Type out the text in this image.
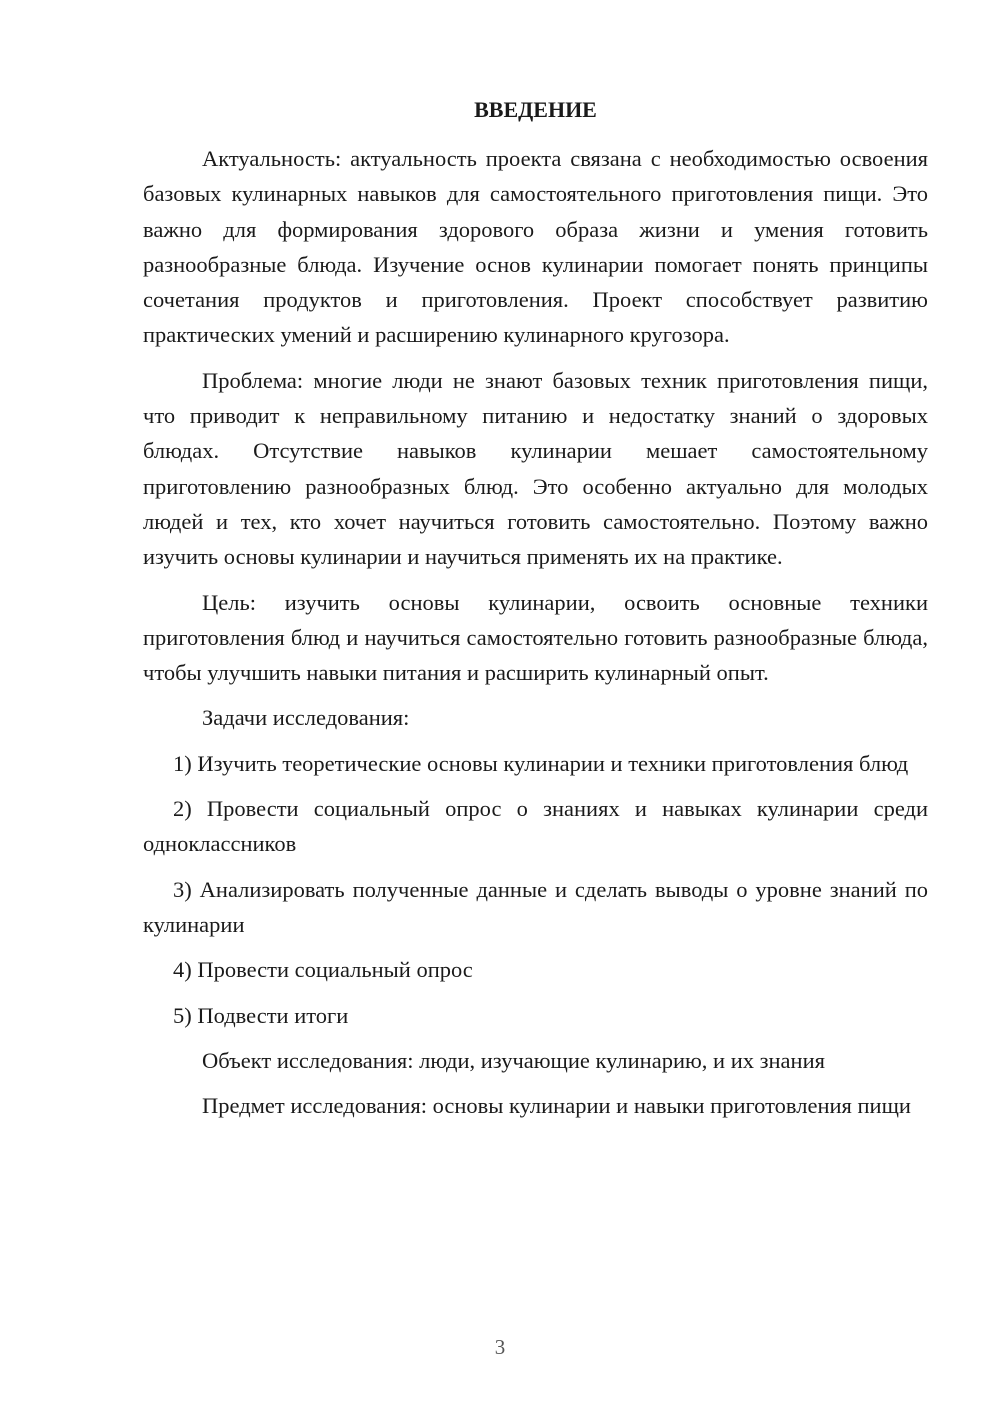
ВВЕДЕНИЕ

Актуальность: актуальность проекта связана с необходимостью освоения базовых кулинарных навыков для самостоятельного приготовления пищи. Это важно для формирования здорового образа жизни и умения готовить разнообразные блюда. Изучение основ кулинарии помогает понять принципы сочетания продуктов и приготовления. Проект способствует развитию практических умений и расширению кулинарного кругозора.

Проблема: многие люди не знают базовых техник приготовления пищи, что приводит к неправильному питанию и недостатку знаний о здоровых блюдах. Отсутствие навыков кулинарии мешает самостоятельному приготовлению разнообразных блюд. Это особенно актуально для молодых людей и тех, кто хочет научиться готовить самостоятельно. Поэтому важно изучить основы кулинарии и научиться применять их на практике.

Цель: изучить основы кулинарии, освоить основные техники приготовления блюд и научиться самостоятельно готовить разнообразные блюда, чтобы улучшить навыки питания и расширить кулинарный опыт.

Задачи исследования:

1) Изучить теоретические основы кулинарии и техники приготовления блюд

2) Провести социальный опрос о знаниях и навыках кулинарии среди одноклассников

3) Анализировать полученные данные и сделать выводы о уровне знаний по кулинарии

4) Провести социальный опрос

5) Подвести итоги

Объект исследования: люди, изучающие кулинарию, и их знания

Предмет исследования: основы кулинарии и навыки приготовления пищи

3
